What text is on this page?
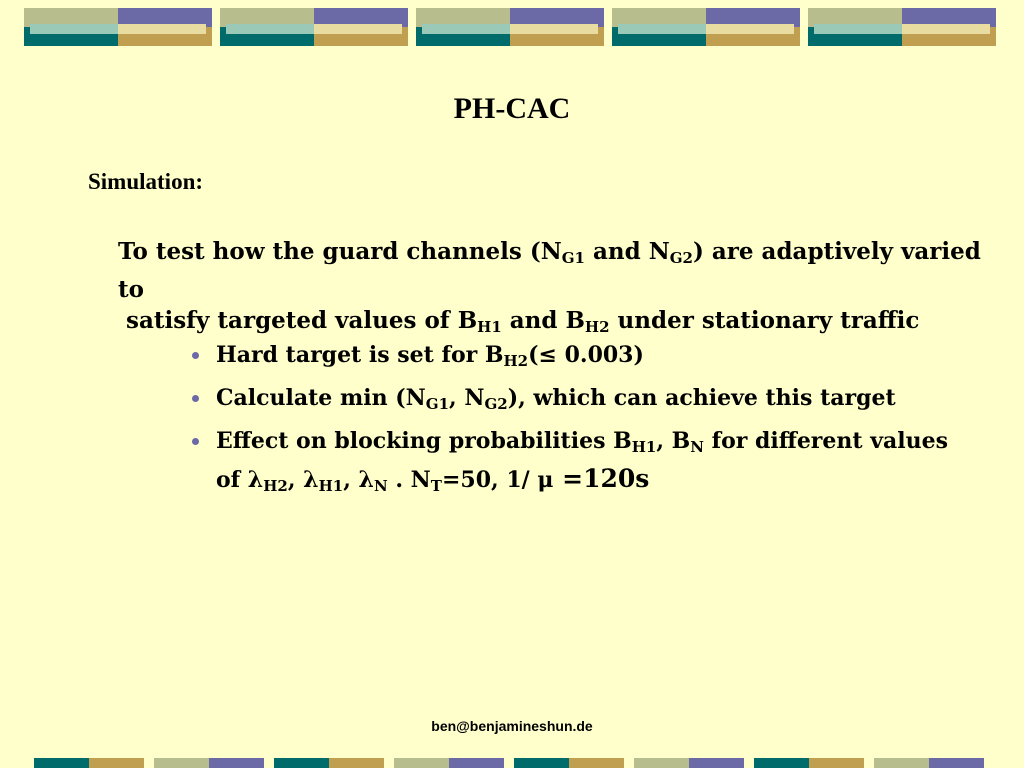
PH-CAC

Simulation:

To test how the guard channels ($N_{G1}$ and $N_{G2}$) are adaptively varied to
satisfy targeted values of $B_{H1}$ and $B_{H2}$ under stationary traffic

Hard target is set for $B_{H2}(\le 0.003)$
Calculate $\min (N_{G1}$, $N_{G2}$), which can achieve this target
Effect on blocking probabilities $B_{H1}$, $B_N$ for different values
of $\lambda_{H2}$, $\lambda_{H1}$, $\lambda_N$ . $N_T=50$, 1/ μ =120s
ben@benjamineshun.de
